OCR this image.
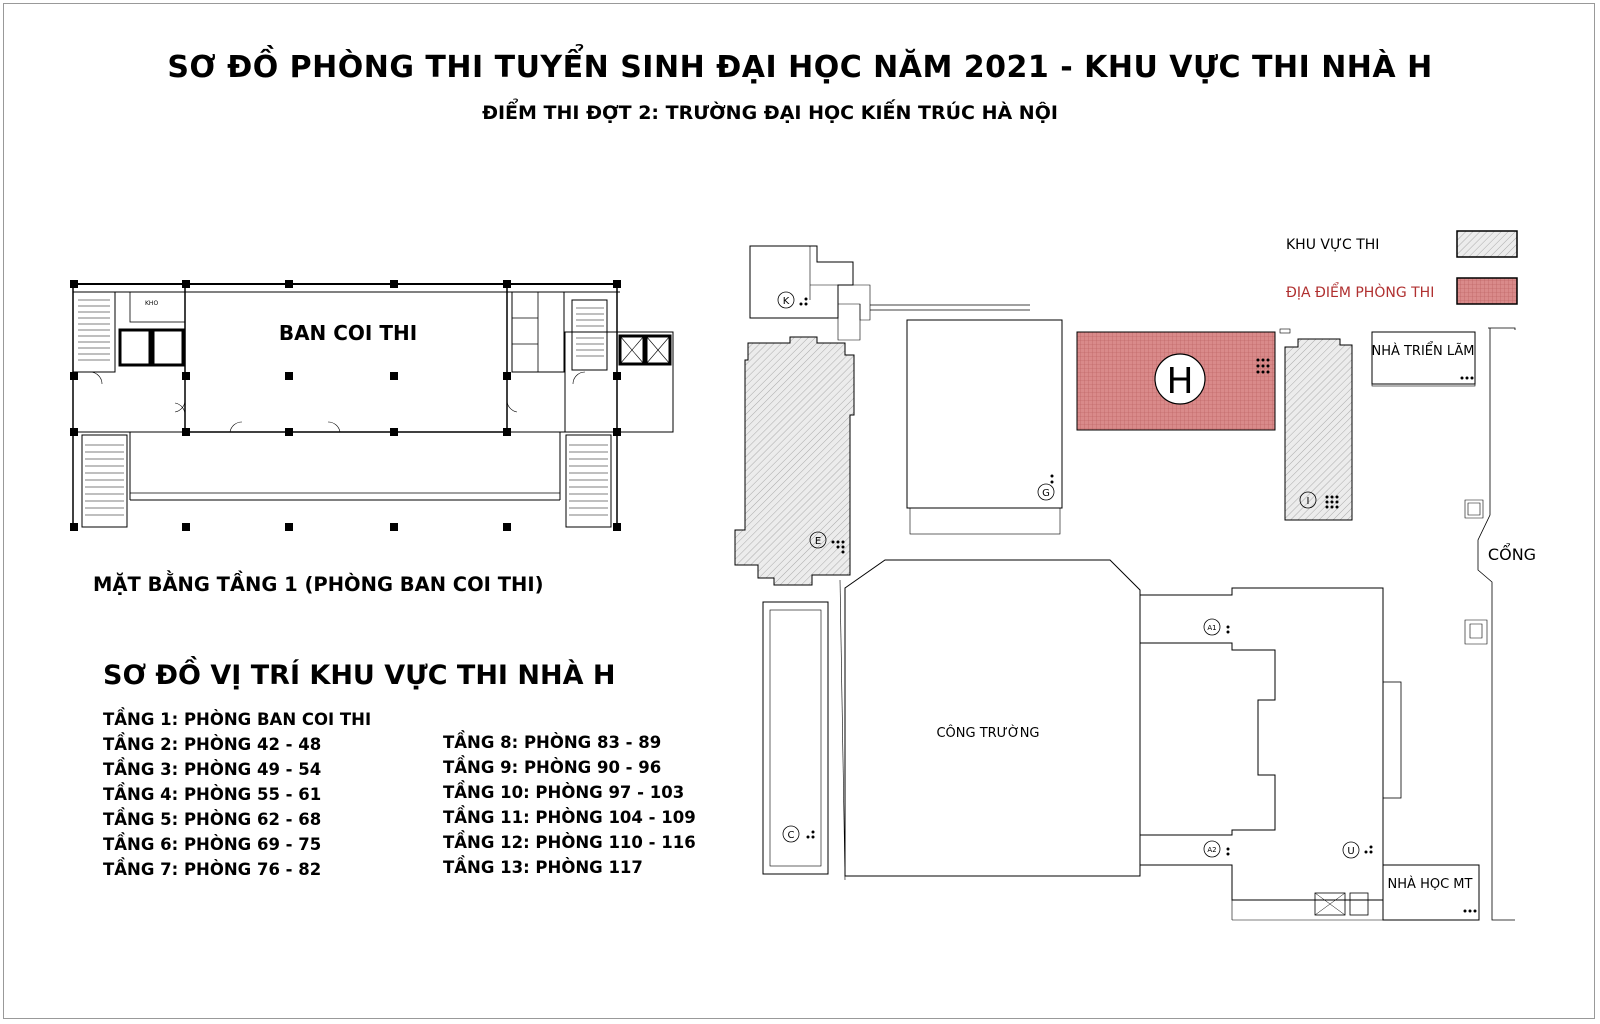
SƠ ĐỒ PHÒNG THI TUYỂN SINH ĐẠI HỌC NĂM 2021 - KHU VỰC THI NHÀ H
ĐIỂM THI ĐỢT 2: TRƯỜNG ĐẠI HỌC KIẾN TRÚC HÀ NỘI
BAN COI THI
KHO	K
E
C
G
I
U
A1
A2
H
NHÀ TRIỂN LÃM
NHÀ HỌC MT
CỔNG
CÔNG TRƯỜNG
KHU VỰC THI
ĐỊA ĐIỂM PHÒNG THI
MẶT BẰNG TẦNG 1 (PHÒNG BAN COI THI)
SƠ ĐỒ VỊ TRÍ KHU VỰC THI NHÀ H
TẦNG 1: PHÒNG BAN COI THI
TẦNG 2: PHÒNG 42 - 48
TẦNG 3: PHÒNG 49 - 54
TẦNG 4: PHÒNG 55 - 61
TẦNG 5: PHÒNG 62 - 68
TẦNG 6: PHÒNG 69 - 75
TẦNG 7: PHÒNG 76 - 82
TẦNG 8: PHÒNG 83 - 89
TẦNG 9: PHÒNG 90 - 96
TẦNG 10: PHÒNG 97 - 103
TẦNG 11: PHÒNG 104 - 109
TẦNG 12: PHÒNG 110 - 116
TẦNG 13: PHÒNG 117
